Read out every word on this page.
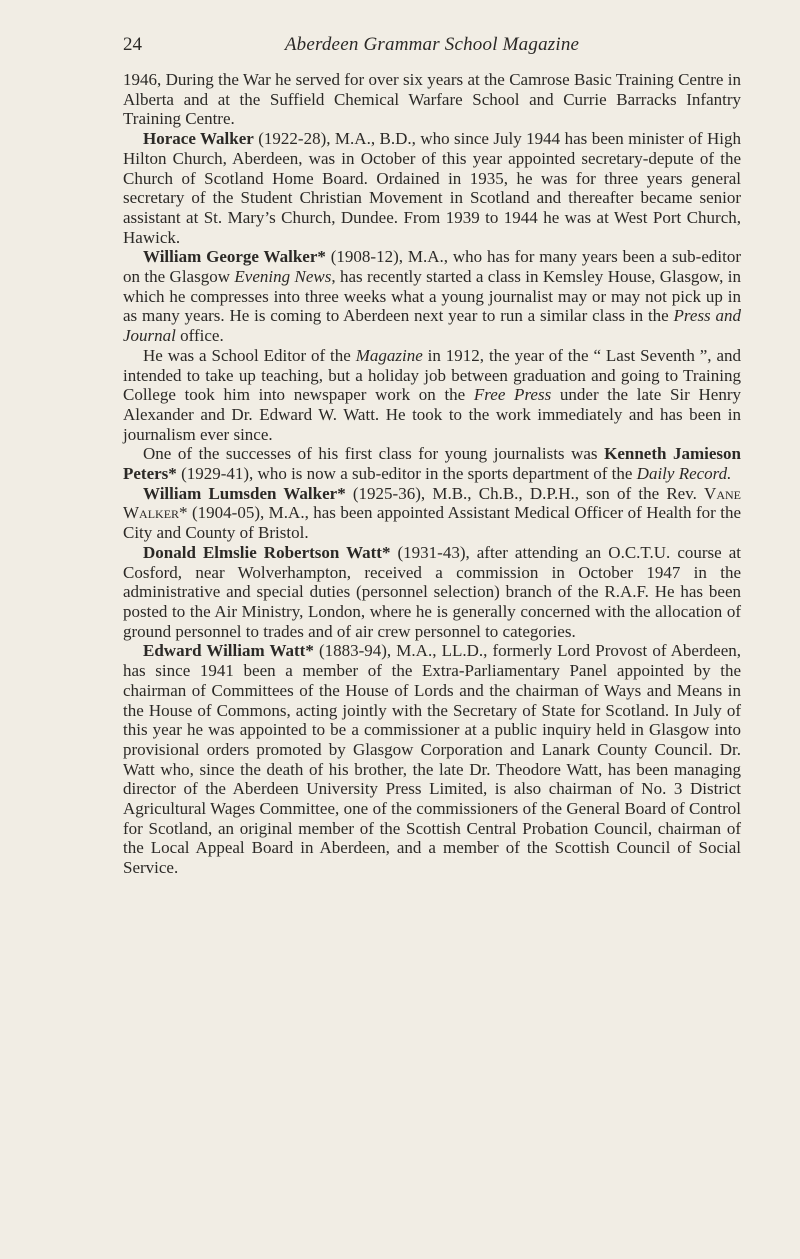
24	Aberdeen Grammar School Magazine

1946, During the War he served for over six years at the Camrose Basic Training Centre in Alberta and at the Suffield Chemical Warfare School and Currie Barracks Infantry Training Centre.

Horace Walker (1922-28), M.A., B.D., who since July 1944 has been minister of High Hilton Church, Aberdeen, was in October of this year appointed secretary-depute of the Church of Scotland Home Board. Ordained in 1935, he was for three years general secretary of the Student Christian Movement in Scotland and thereafter became senior assistant at St. Mary’s Church, Dundee. From 1939 to 1944 he was at West Port Church, Hawick.

William George Walker* (1908-12), M.A., who has for many years been a sub-editor on the Glasgow Evening News, has recently started a class in Kemsley House, Glasgow, in which he compresses into three weeks what a young journalist may or may not pick up in as many years. He is coming to Aberdeen next year to run a similar class in the Press and Journal office.

He was a School Editor of the Magazine in 1912, the year of the “ Last Seventh ”, and intended to take up teaching, but a holiday job between graduation and going to Training College took him into newspaper work on the Free Press under the late Sir Henry Alexander and Dr. Edward W. Watt. He took to the work immediately and has been in journalism ever since.

One of the successes of his first class for young journalists was Kenneth Jamieson Peters* (1929-41), who is now a sub-editor in the sports department of the Daily Record.

William Lumsden Walker* (1925-36), M.B., Ch.B., D.P.H., son of the Rev. Vane Walker* (1904-05), M.A., has been appointed Assistant Medical Officer of Health for the City and County of Bristol.

Donald Elmslie Robertson Watt* (1931-43), after attending an O.C.T.U. course at Cosford, near Wolverhampton, received a commission in October 1947 in the administrative and special duties (personnel selection) branch of the R.A.F. He has been posted to the Air Ministry, London, where he is generally concerned with the allocation of ground personnel to trades and of air crew personnel to categories.

Edward William Watt* (1883-94), M.A., LL.D., formerly Lord Provost of Aberdeen, has since 1941 been a member of the Extra-Parliamentary Panel appointed by the chairman of Committees of the House of Lords and the chairman of Ways and Means in the House of Commons, acting jointly with the Secretary of State for Scotland. In July of this year he was appointed to be a commissioner at a public inquiry held in Glasgow into provisional orders promoted by Glasgow Corporation and Lanark County Council. Dr. Watt who, since the death of his brother, the late Dr. Theodore Watt, has been managing director of the Aberdeen University Press Limited, is also chairman of No. 3 District Agricultural Wages Committee, one of the commissioners of the General Board of Control for Scotland, an original member of the Scottish Central Probation Council, chairman of the Local Appeal Board in Aberdeen, and a member of the Scottish Council of Social Service.
